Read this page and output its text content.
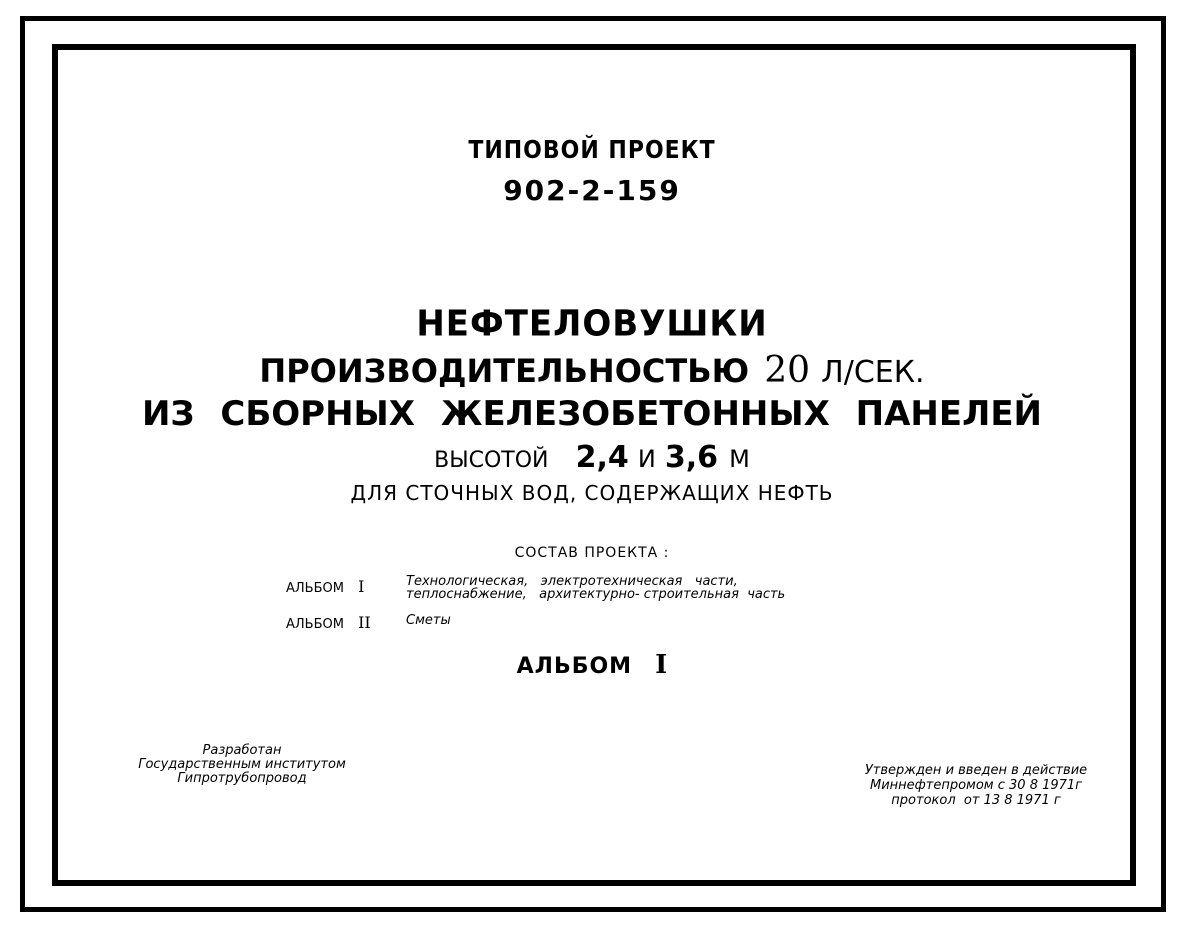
ТИПОВОЙ ПРОЕКТ
902-2-159
НЕФТЕЛОВУШКИ
ПРОИЗВОДИТЕЛЬНОСТЬЮ 20 Л/СЕК.
ИЗ СБОРНЫХ ЖЕЛЕЗОБЕТОННЫХ ПАНЕЛЕЙ
ВЫСОТОЙ 2,4 И 3,6 М
ДЛЯ СТОЧНЫХ ВОД, СОДЕРЖАЩИХ НЕФТЬ
СОСТАВ ПРОЕКТА :
АЛЬБОМ I	Технологическая,   электротехническая   части,
теплоснабжение,   архитектурно- строительная  часть
АЛЬБОМ II	Сметы
АЛЬБОМ I
Разработан
Государственным институтом
Гипротрубопровод
Утвержден и введен в действие
Миннефтепромом с 30 8 1971г
протокол  от 13 8 1971 г
